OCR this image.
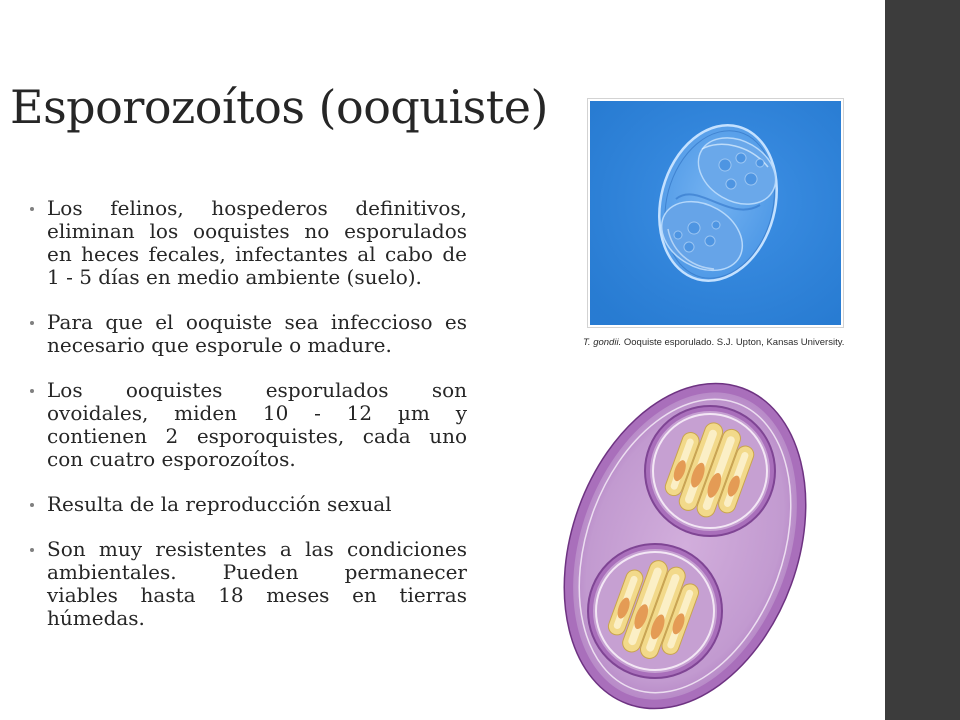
Esporozoítos (ooquiste)
Los felinos, hospederos definitivos,
eliminan los ooquistes no esporulados
en heces fecales, infectantes al cabo de
1 - 5 días en medio ambiente (suelo).
Para que el ooquiste sea infeccioso es
necesario que esporule o madure.
Los ooquistes esporulados son
ovoidales, miden 10 - 12 µm y
contienen 2 esporoquistes, cada uno
con cuatro esporozoítos.
Resulta de la reproducción sexual
Son muy resistentes a las condiciones
ambientales. Pueden permanecer
viables hasta 18 meses en tierras
húmedas.
T. gondii. Ooquiste esporulado. S.J. Upton, Kansas University.
